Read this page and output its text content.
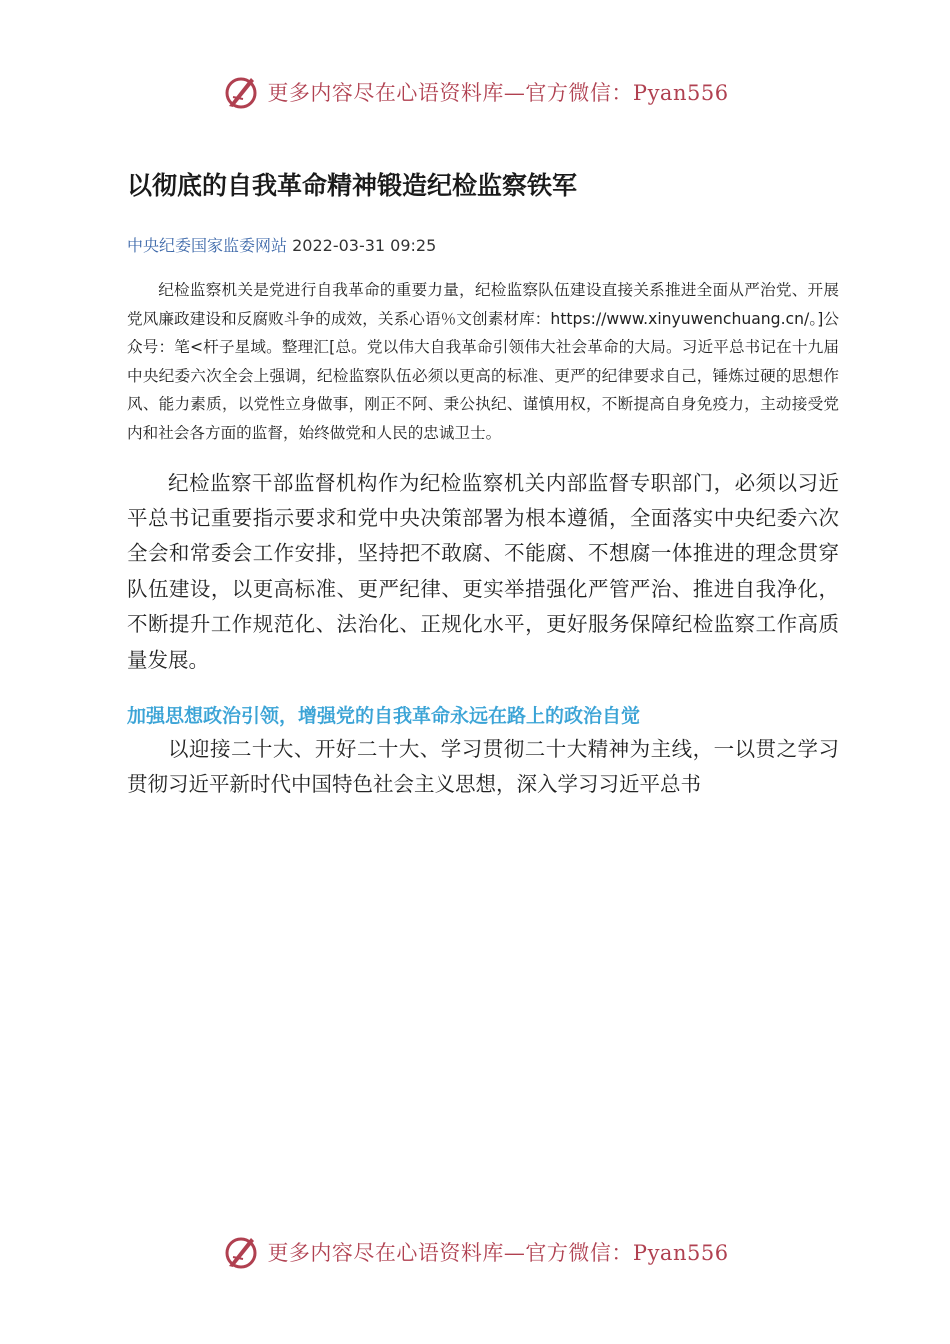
更多内容尽在心语资料库—官方微信：Pyan556
以彻底的自我革命精神锻造纪检监察铁军
中央纪委国家监委网站 2022-03-31 09:25

纪检监察机关是党进行自我革命的重要力量，纪检监察队伍建设直接关系推进全面从严治党、开展党风廉政建设和反腐败斗争的成效，关系心语％文创素材库：https://www.xinyuwenchuang.cn/。]公众号：笔<杆子星域。整理汇[总。党以伟大自我革命引领伟大社会革命的大局。习近平总书记在十九届中央纪委六次全会上强调，纪检监察队伍必须以更高的标准、更严的纪律要求自己，锤炼过硬的思想作风、能力素质，以党性立身做事，刚正不阿、秉公执纪、谨慎用权，不断提高自身免疫力，主动接受党内和社会各方面的监督，始终做党和人民的忠诚卫士。

纪检监察干部监督机构作为纪检监察机关内部监督专职部门，必须以习近平总书记重要指示要求和党中央决策部署为根本遵循，全面落实中央纪委六次全会和常委会工作安排，坚持把不敢腐、不能腐、不想腐一体推进的理念贯穿队伍建设，以更高标准、更严纪律、更实举措强化严管严治、推进自我净化，不断提升工作规范化、法治化、正规化水平，更好服务保障纪检监察工作高质量发展。

加强思想政治引领，增强党的自我革命永远在路上的政治自觉

以迎接二十大、开好二十大、学习贯彻二十大精神为主线，一以贯之学习贯彻习近平新时代中国特色社会主义思想，深入学习习近平总书

更多内容尽在心语资料库—官方微信：Pyan556
